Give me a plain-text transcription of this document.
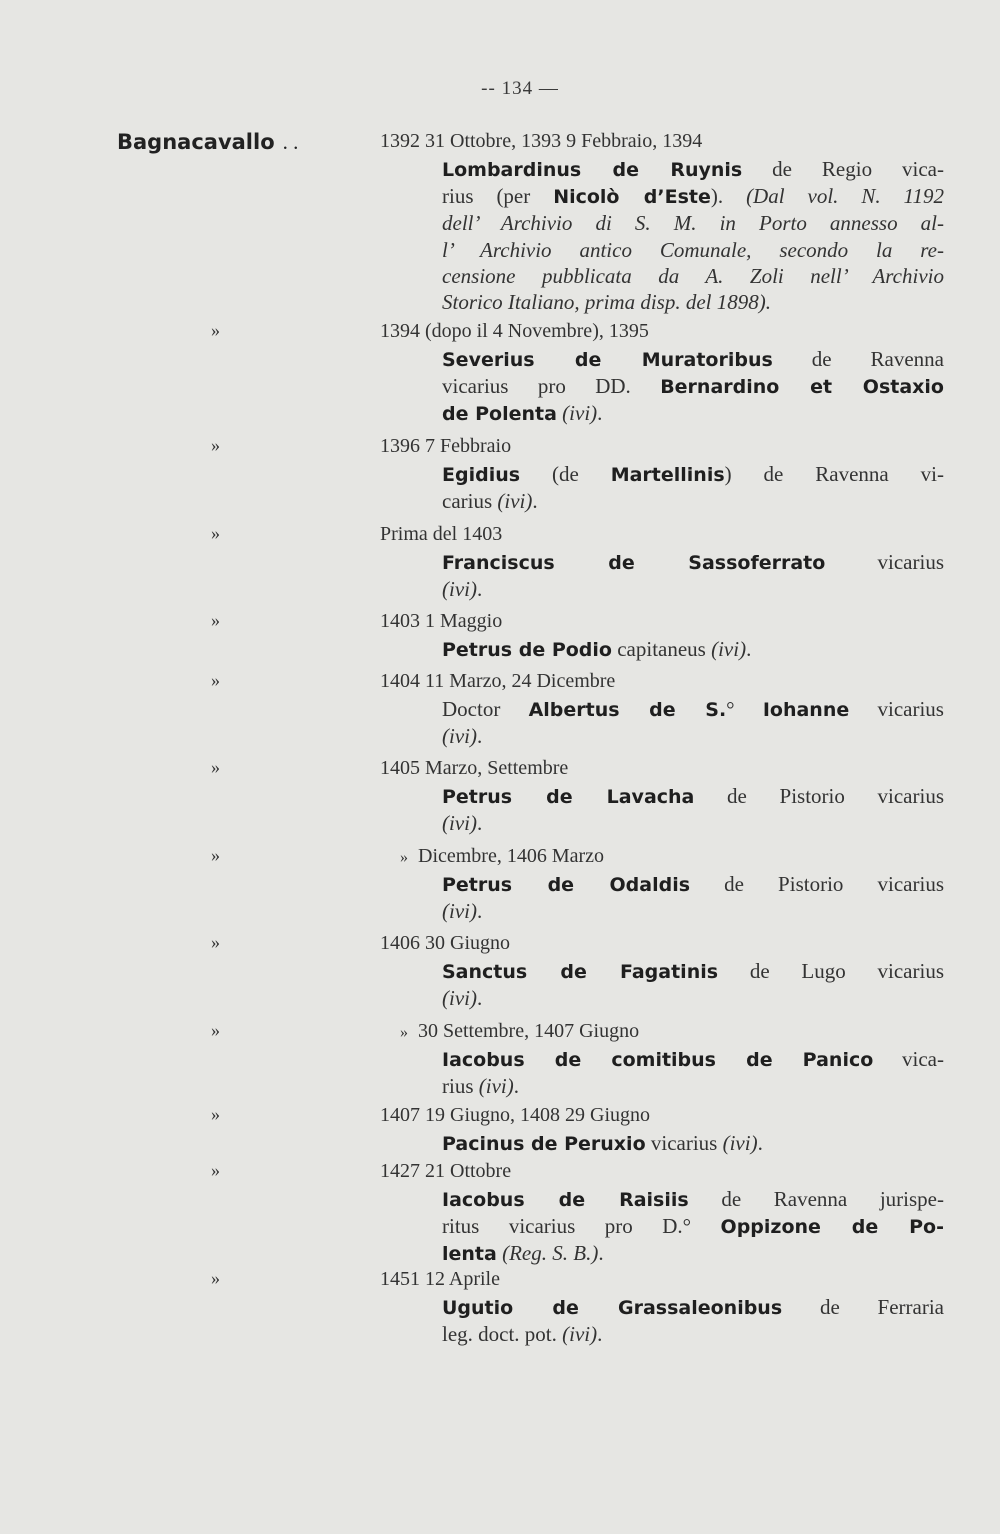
-- 134 —
Bagnacavallo . .	1392 31 Ottobre, 1393 9 Febbraio, 1394
Lombardinus de Ruynis de Regio vica-
rius (per Nicolò d’Este). (Dal vol. N. 1192
dell’ Archivio di S. M. in Porto annesso al-
l’ Archivio antico Comunale, secondo la re-
censione pubblicata da A. Zoli nell’ Archivio
Storico Italiano, prima disp. del 1898).
»	1394 (dopo il 4 Novembre), 1395
Severius de Muratoribus de Ravenna
vicarius pro DD. Bernardino et Ostaxio
de Polenta (ivi).
»	1396 7 Febbraio
Egidius (de Martellinis) de Ravenna vi-
carius (ivi).
»	Prima del 1403
Franciscus de Sassoferrato vicarius
(ivi).
»	1403 1 Maggio
Petrus de Podio capitaneus (ivi).
»	1404 11 Marzo, 24 Dicembre
Doctor Albertus de S.° Iohanne vicarius
(ivi).
»	1405 Marzo, Settembre
Petrus de Lavacha de Pistorio vicarius
(ivi).
»	» Dicembre, 1406 Marzo
Petrus de Odaldis de Pistorio vicarius
(ivi).
»	1406 30 Giugno
Sanctus de Fagatinis de Lugo vicarius
(ivi).
»	» 30 Settembre, 1407 Giugno
Iacobus de comitibus de Panico vica-
rius (ivi).
»	1407 19 Giugno, 1408 29 Giugno
Pacinus de Peruxio vicarius (ivi).
»	1427 21 Ottobre
Iacobus de Raisiis de Ravenna jurispe-
ritus vicarius pro D.° Oppizone de Po-
lenta (Reg. S. B.).
»	1451 12 Aprile
Ugutio de Grassaleonibus de Ferraria
leg. doct. pot. (ivi).
